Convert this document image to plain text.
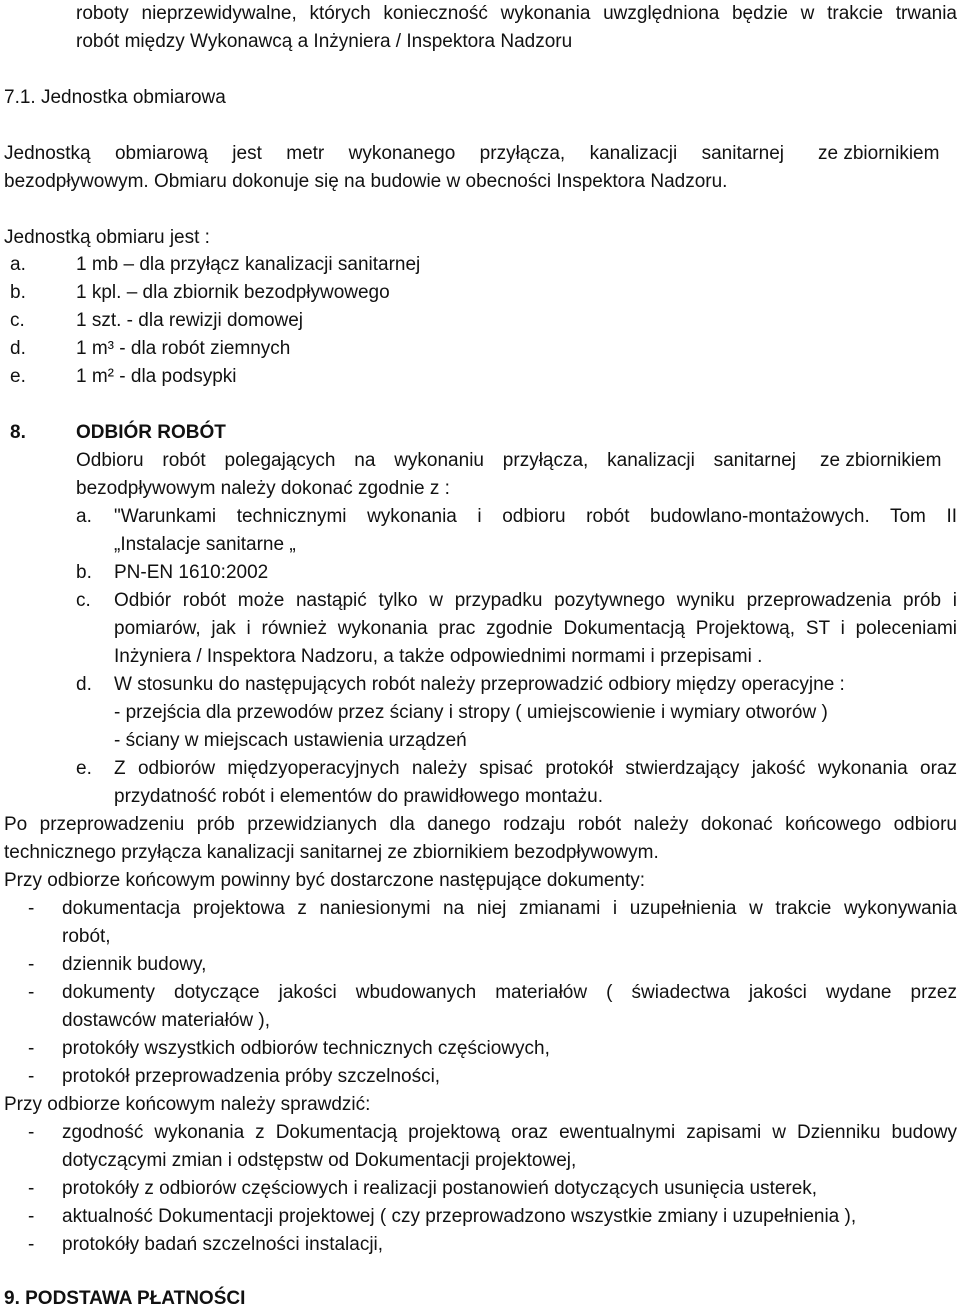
roboty nieprzewidywalne, których konieczność wykonania uwzględniona będzie w trakcie trwania
robót między Wykonawcą a Inżyniera / Inspektora Nadzoru
7.1. Jednostka obmiarowa
Jednostką obmiarową jest metr wykonanego przyłącza, kanalizacji sanitarnej ze zbiornikiem
bezodpływowym. Obmiaru dokonuje się na budowie w obecności Inspektora Nadzoru.
Jednostką obmiaru jest :
a.	1 mb – dla przyłącz kanalizacji sanitarnej
b.	1 kpl. – dla zbiornik bezodpływowego
c.	1 szt. - dla rewizji domowej
d.	1 m³ - dla robót ziemnych
e.	1 m² - dla podsypki
8.	ODBIÓR ROBÓT
Odbioru robót polegających na wykonaniu przyłącza, kanalizacji sanitarnej ze zbiornikiem
bezodpływowym należy dokonać zgodnie z :
a. "Warunkami technicznymi wykonania i odbioru robót budowlano-montażowych. Tom II
„Instalacje sanitarne „
b. PN-EN 1610:2002
c. Odbiór robót może nastąpić tylko w przypadku pozytywnego wyniku przeprowadzenia prób i
pomiarów, jak i również wykonania prac zgodnie Dokumentacją Projektową, ST i poleceniami
Inżyniera / Inspektora Nadzoru, a także odpowiednimi normami i przepisami .
d. W stosunku do następujących robót należy przeprowadzić odbiory między operacyjne :
- przejścia dla przewodów przez ściany i stropy ( umiejscowienie i wymiary otworów )
- ściany w miejscach ustawienia urządzeń
e. Z odbiorów międzyoperacyjnych należy spisać protokół stwierdzający jakość wykonania oraz
przydatność robót i elementów do prawidłowego montażu.
Po przeprowadzeniu prób przewidzianych dla danego rodzaju robót należy dokonać końcowego odbioru
technicznego przyłącza kanalizacji sanitarnej ze zbiornikiem bezodpływowym.
Przy odbiorze końcowym powinny być dostarczone następujące dokumenty:
- dokumentacja projektowa z naniesionymi na niej zmianami i uzupełnienia w trakcie wykonywania
robót,
- dziennik budowy,
- dokumenty dotyczące jakości wbudowanych materiałów ( świadectwa jakości wydane przez
dostawców materiałów ),
- protokóły wszystkich odbiorów technicznych częściowych,
- protokół przeprowadzenia próby szczelności,
Przy odbiorze końcowym należy sprawdzić:
- zgodność wykonania z Dokumentacją projektową oraz ewentualnymi zapisami w Dzienniku budowy
dotyczącymi zmian i odstępstw od Dokumentacji projektowej,
- protokóły z odbiorów częściowych i realizacji postanowień dotyczących usunięcia usterek,
- aktualność Dokumentacji projektowej ( czy przeprowadzono wszystkie zmiany i uzupełnienia ),
- protokóły badań szczelności instalacji,
9. PODSTAWA PŁATNOŚCI
